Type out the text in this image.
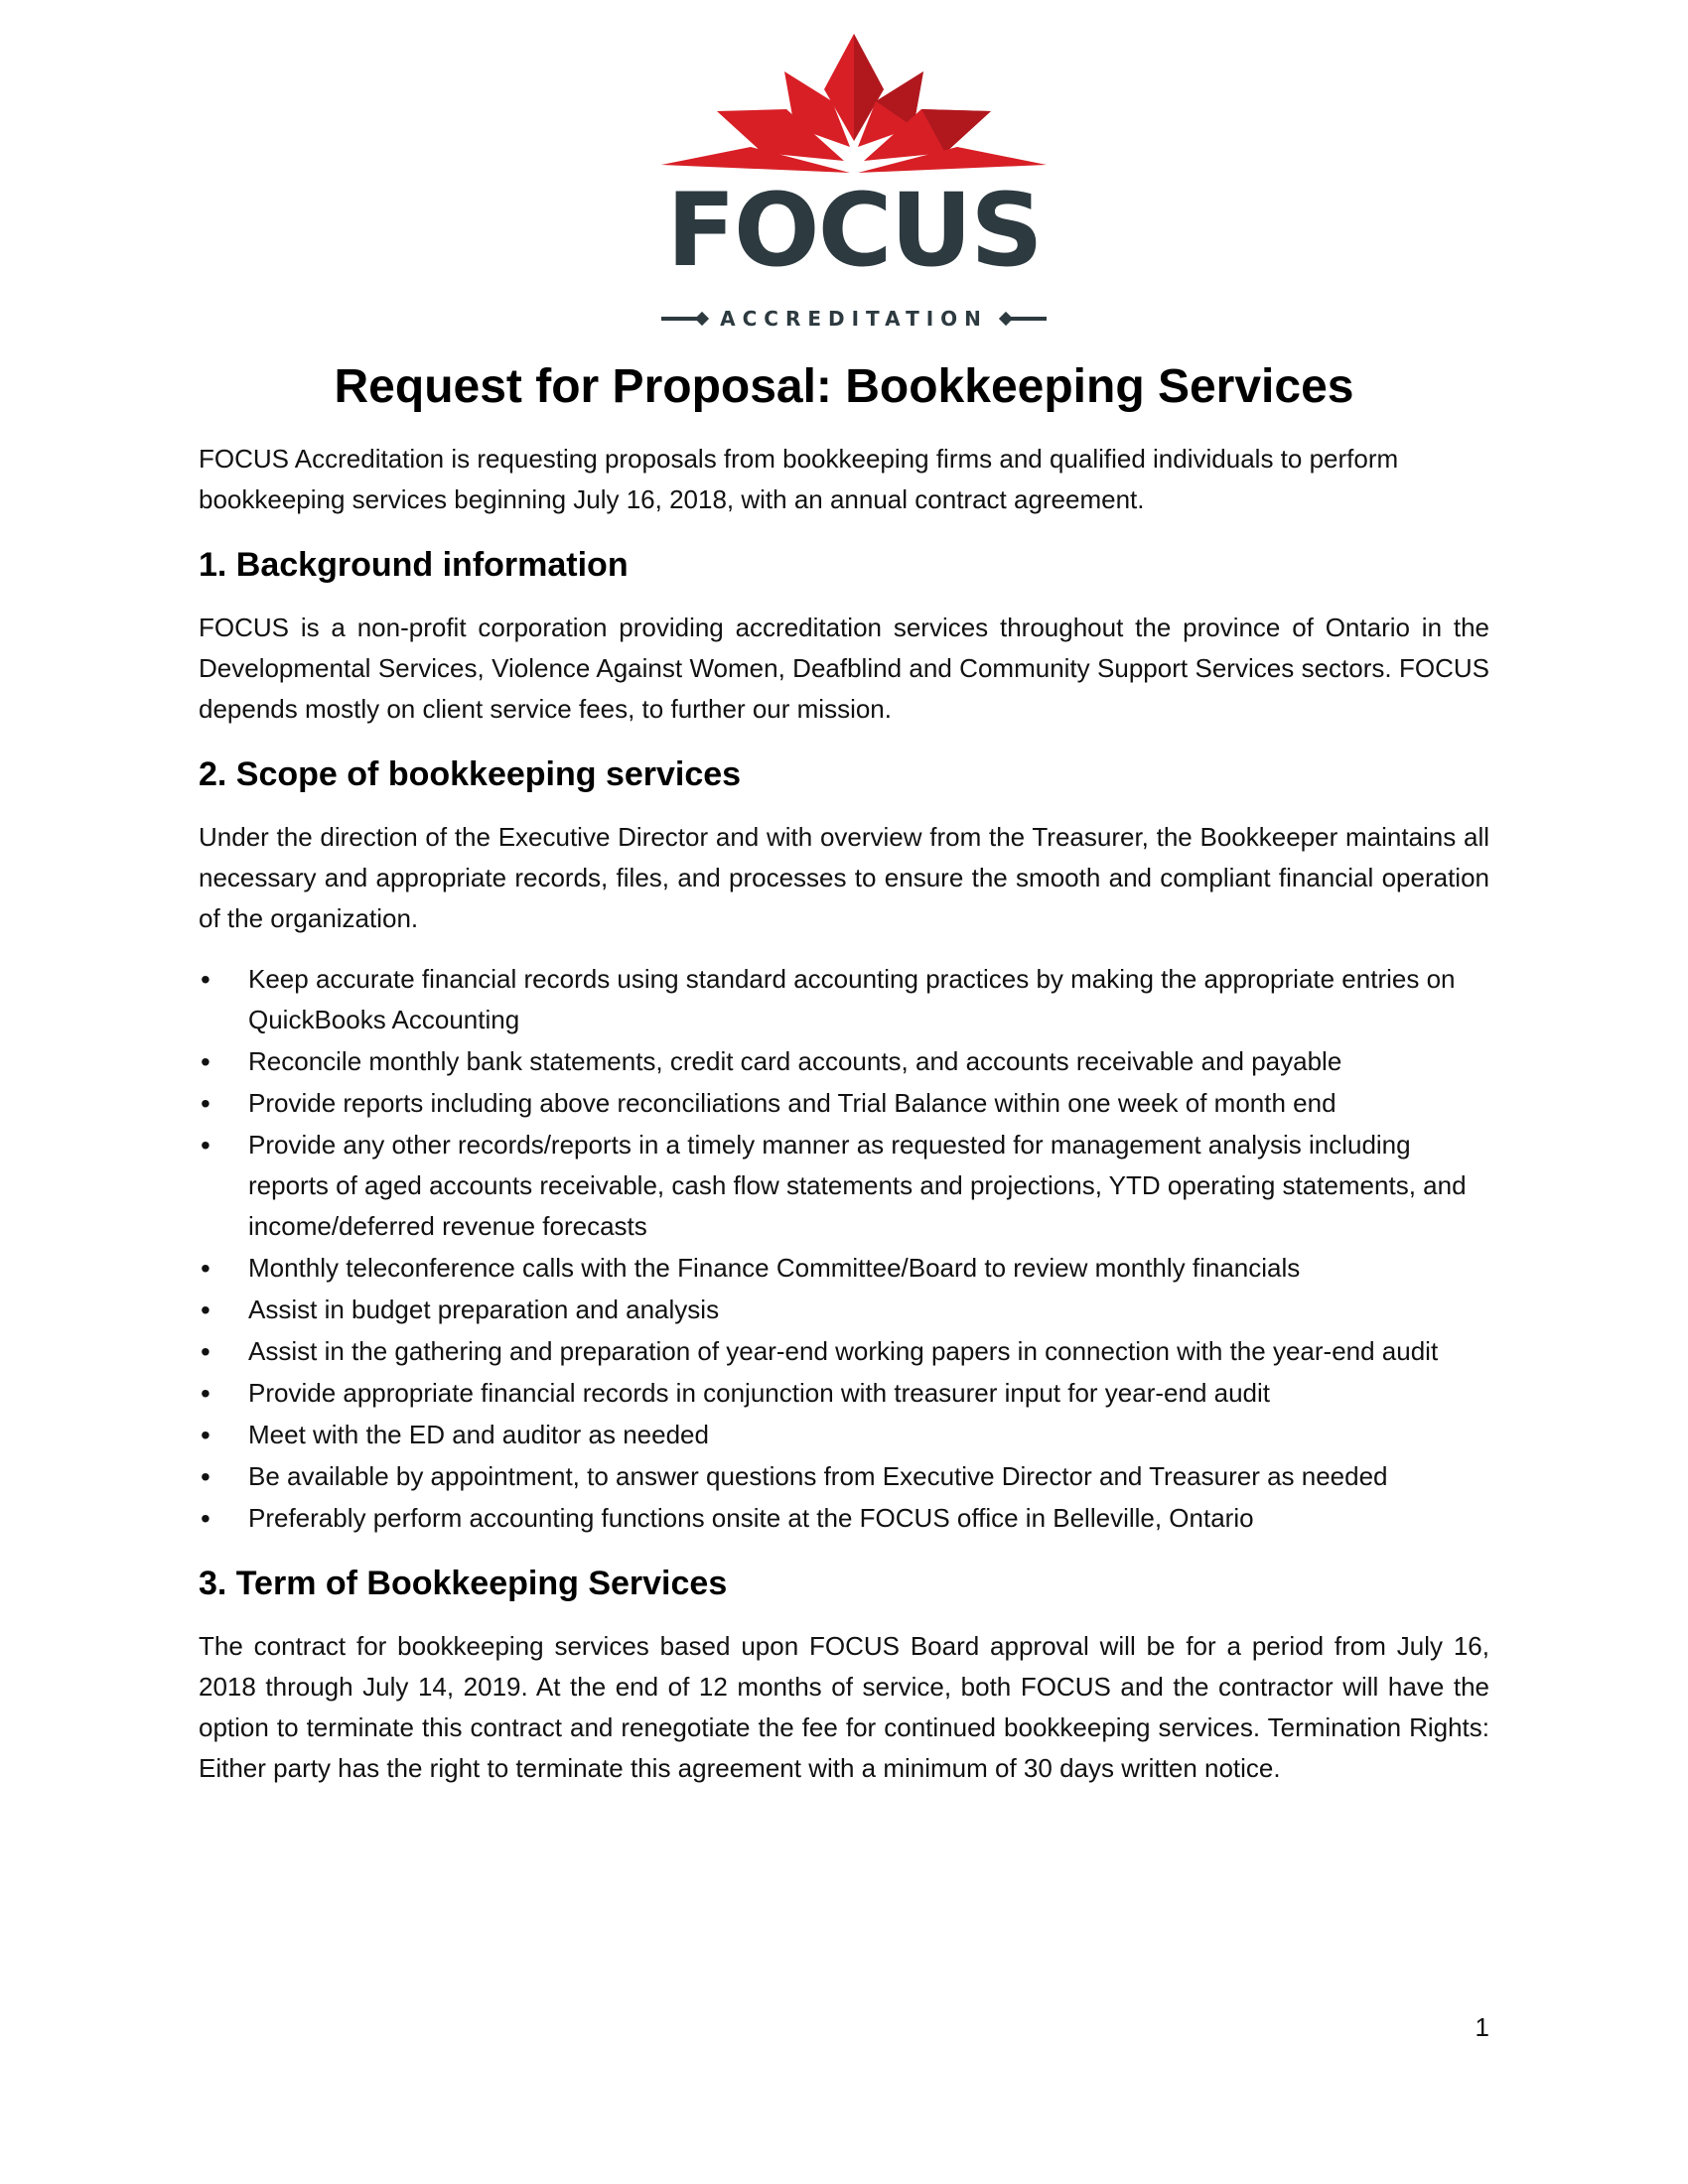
FOCUS
ACCREDITATION
Request for Proposal: Bookkeeping Services

FOCUS Accreditation is requesting proposals from bookkeeping firms and qualified individuals to perform bookkeeping services beginning July 16, 2018, with an annual contract agreement.

1. Background information

FOCUS is a non-profit corporation providing accreditation services throughout the province of Ontario in the Developmental Services, Violence Against Women, Deafblind and Community Support Services sectors. FOCUS depends mostly on client service fees, to further our mission.

2. Scope of bookkeeping services

Under the direction of the Executive Director and with overview from the Treasurer, the Bookkeeper maintains all necessary and appropriate records, files, and processes to ensure the smooth and compliant financial operation of the organization.

• Keep accurate financial records using standard accounting practices by making the appropriate entries on QuickBooks Accounting
• Reconcile monthly bank statements, credit card accounts, and accounts receivable and payable
• Provide reports including above reconciliations and Trial Balance within one week of month end
• Provide any other records/reports in a timely manner as requested for management analysis including reports of aged accounts receivable, cash flow statements and projections, YTD operating statements, and income/deferred revenue forecasts
• Monthly teleconference calls with the Finance Committee/Board to review monthly financials
• Assist in budget preparation and analysis
• Assist in the gathering and preparation of year-end working papers in connection with the year-end audit
• Provide appropriate financial records in conjunction with treasurer input for year-end audit
• Meet with the ED and auditor as needed
• Be available by appointment, to answer questions from Executive Director and Treasurer as needed
• Preferably perform accounting functions onsite at the FOCUS office in Belleville, Ontario
3. Term of Bookkeeping Services

The contract for bookkeeping services based upon FOCUS Board approval will be for a period from July 16, 2018 through July 14, 2019. At the end of 12 months of service, both FOCUS and the contractor will have the option to terminate this contract and renegotiate the fee for continued bookkeeping services. Termination Rights: Either party has the right to terminate this agreement with a minimum of 30 days written notice.

1
